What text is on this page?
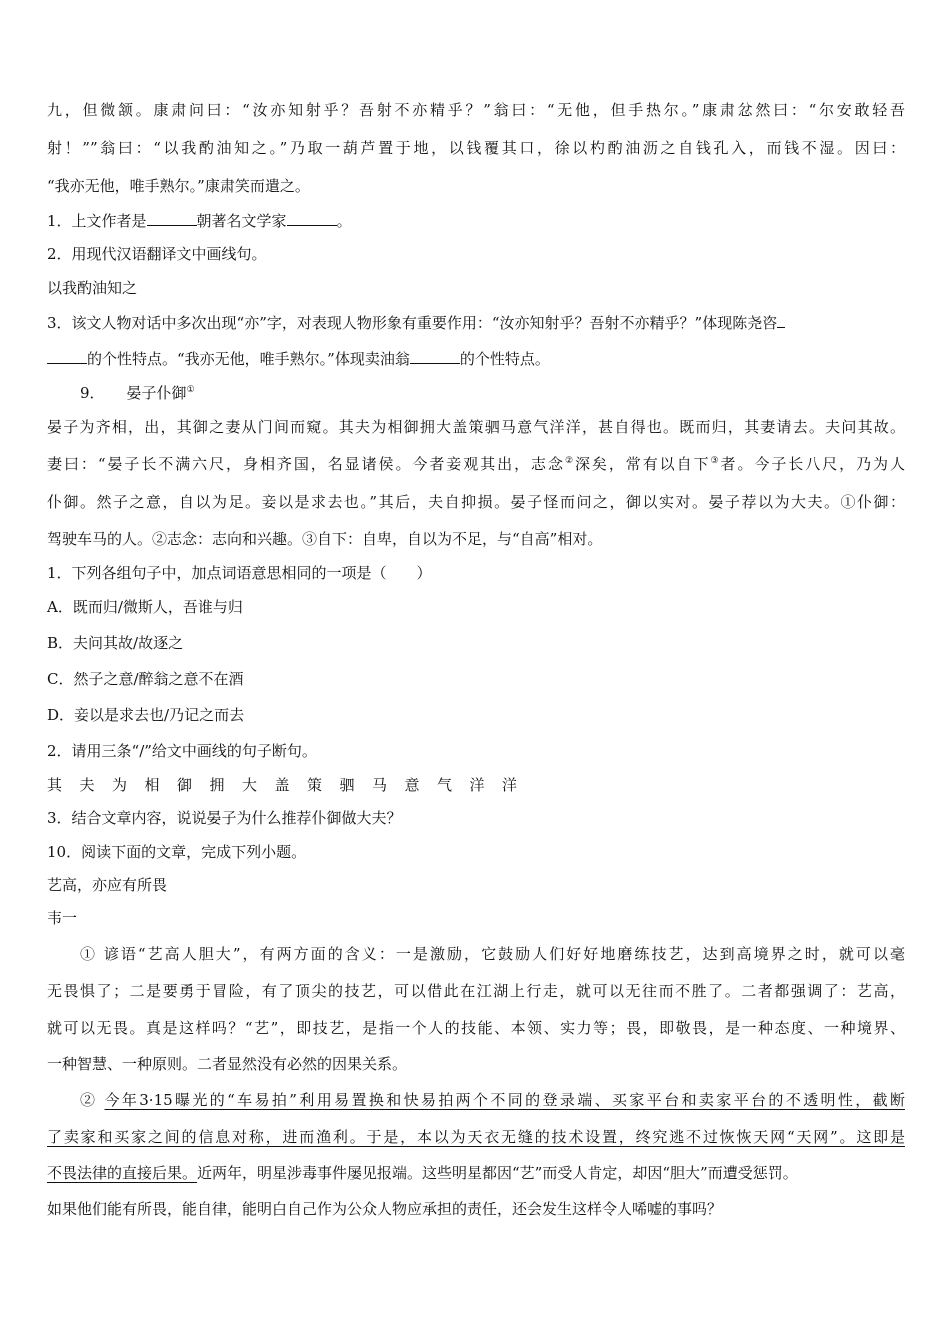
九，但微颔。康肃问曰：“汝亦知射乎？吾射不亦精乎？”翁曰：“无他，但手热尔。”康肃忿然曰：“尔安敢轻吾
射！””翁曰：“以我酌油知之。”乃取一葫芦置于地，以钱覆其口，徐以杓酌油沥之自钱孔入，而钱不湿。因曰：
“我亦无他，唯手熟尔。”康肃笑而遣之。
1．上文作者是	朝著名文学家	。
2．用现代汉语翻译文中画线句。
以我酌油知之
3．该文人物对话中多次出现“亦”字，对表现人物形象有重要作用：“汝亦知射乎？吾射不亦精乎？”体现陈尧咨
的个性特点。“我亦无他，唯手熟尔。”体现卖油翁	的个性特点。
9． 晏子仆御①
晏子为齐相，出，其御之妻从门间而窥。其夫为相御拥大盖策驷马意气洋洋，甚自得也。既而归，其妻请去。夫问其故。
妻曰：“晏子长不满六尺，身相齐国，名显诸侯。今者妾观其出，志念②深矣，常有以自下③者。今子长八尺，乃为人
仆御。然子之意，自以为足。妾以是求去也。”其后，夫自抑损。晏子怪而问之，御以实对。晏子荐以为大夫。①仆御：
驾驶车马的人。②志念：志向和兴趣。③自下：自卑，自以为不足，与“自高”相对。
1．下列各组句子中，加点词语意思相同的一项是（　　）
A．既而归/微斯人，吾谁与归
B．夫问其故/故逐之
C．然子之意/醉翁之意不在酒
D．妾以是求去也/乃记之而去
2．请用三条“/”给文中画线的句子断句。
其夫为相御拥大盖策驷马意气洋洋
3．结合文章内容，说说晏子为什么推荐仆御做大夫？
10．阅读下面的文章，完成下列小题。
艺高，亦应有所畏
韦一
① 谚语“艺高人胆大”，有两方面的含义：一是激励，它鼓励人们好好地磨练技艺，达到高境界之时，就可以毫
无畏惧了；二是要勇于冒险，有了顶尖的技艺，可以借此在江湖上行走，就可以无往而不胜了。二者都强调了：艺高，
就可以无畏。真是这样吗？“艺”，即技艺，是指一个人的技能、本领、实力等；畏，即敬畏，是一种态度、一种境界、
一种智慧、一种原则。二者显然没有必然的因果关系。
② 今年3·15曝光的“车易拍”利用易置换和快易拍两个不同的登录端、买家平台和卖家平台的不透明性，截断
了卖家和买家之间的信息对称，进而渔利。于是，本以为天衣无缝的技术设置，终究逃不过恢恢天网“天网”。这即是
不畏法律的直接后果。近两年，明星涉毒事件屡见报端。这些明星都因“艺”而受人肯定，却因“胆大”而遭受惩罚。
如果他们能有所畏，能自律，能明白自己作为公众人物应承担的责任，还会发生这样令人唏嘘的事吗？
